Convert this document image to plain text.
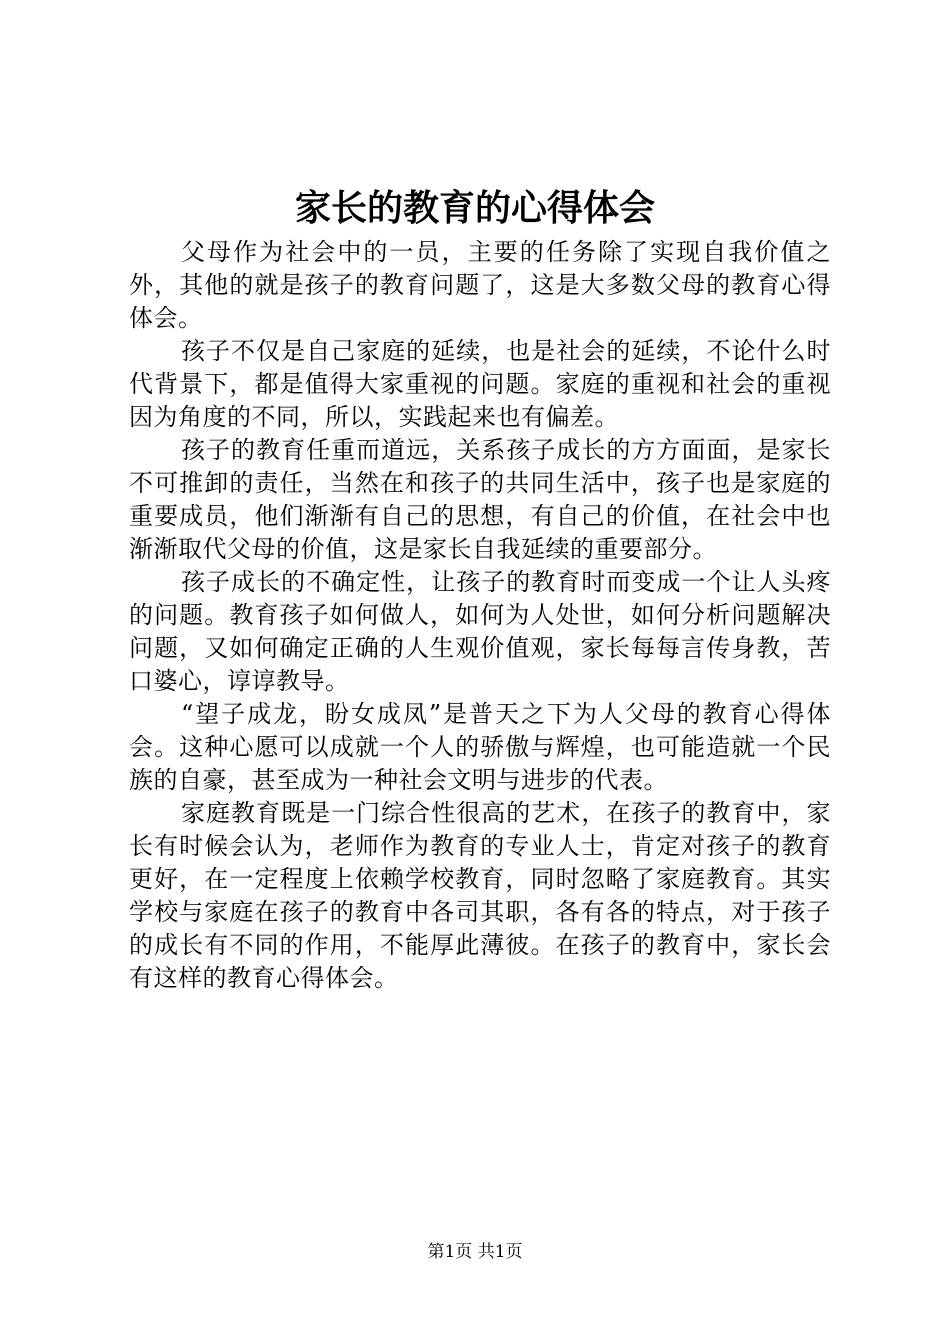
家长的教育的心得体会

父母作为社会中的一员，主要的任务除了实现自我价值之外，其他的就是孩子的教育问题了，这是大多数父母的教育心得体会。

孩子不仅是自己家庭的延续，也是社会的延续，不论什么时代背景下，都是值得大家重视的问题。家庭的重视和社会的重视因为角度的不同，所以，实践起来也有偏差。

孩子的教育任重而道远，关系孩子成长的方方面面，是家长不可推卸的责任，当然在和孩子的共同生活中，孩子也是家庭的重要成员，他们渐渐有自己的思想，有自己的价值，在社会中也渐渐取代父母的价值，这是家长自我延续的重要部分。

孩子成长的不确定性，让孩子的教育时而变成一个让人头疼的问题。教育孩子如何做人，如何为人处世，如何分析问题解决问题，又如何确定正确的人生观价值观，家长每每言传身教，苦口婆心，谆谆教导。

“望子成龙，盼女成凤”是普天之下为人父母的教育心得体会。这种心愿可以成就一个人的骄傲与辉煌，也可能造就一个民族的自豪，甚至成为一种社会文明与进步的代表。

家庭教育既是一门综合性很高的艺术，在孩子的教育中，家长有时候会认为，老师作为教育的专业人士，肯定对孩子的教育更好，在一定程度上依赖学校教育，同时忽略了家庭教育。其实学校与家庭在孩子的教育中各司其职，各有各的特点，对于孩子的成长有不同的作用，不能厚此薄彼。在孩子的教育中，家长会有这样的教育心得体会。

第1页 共1页
